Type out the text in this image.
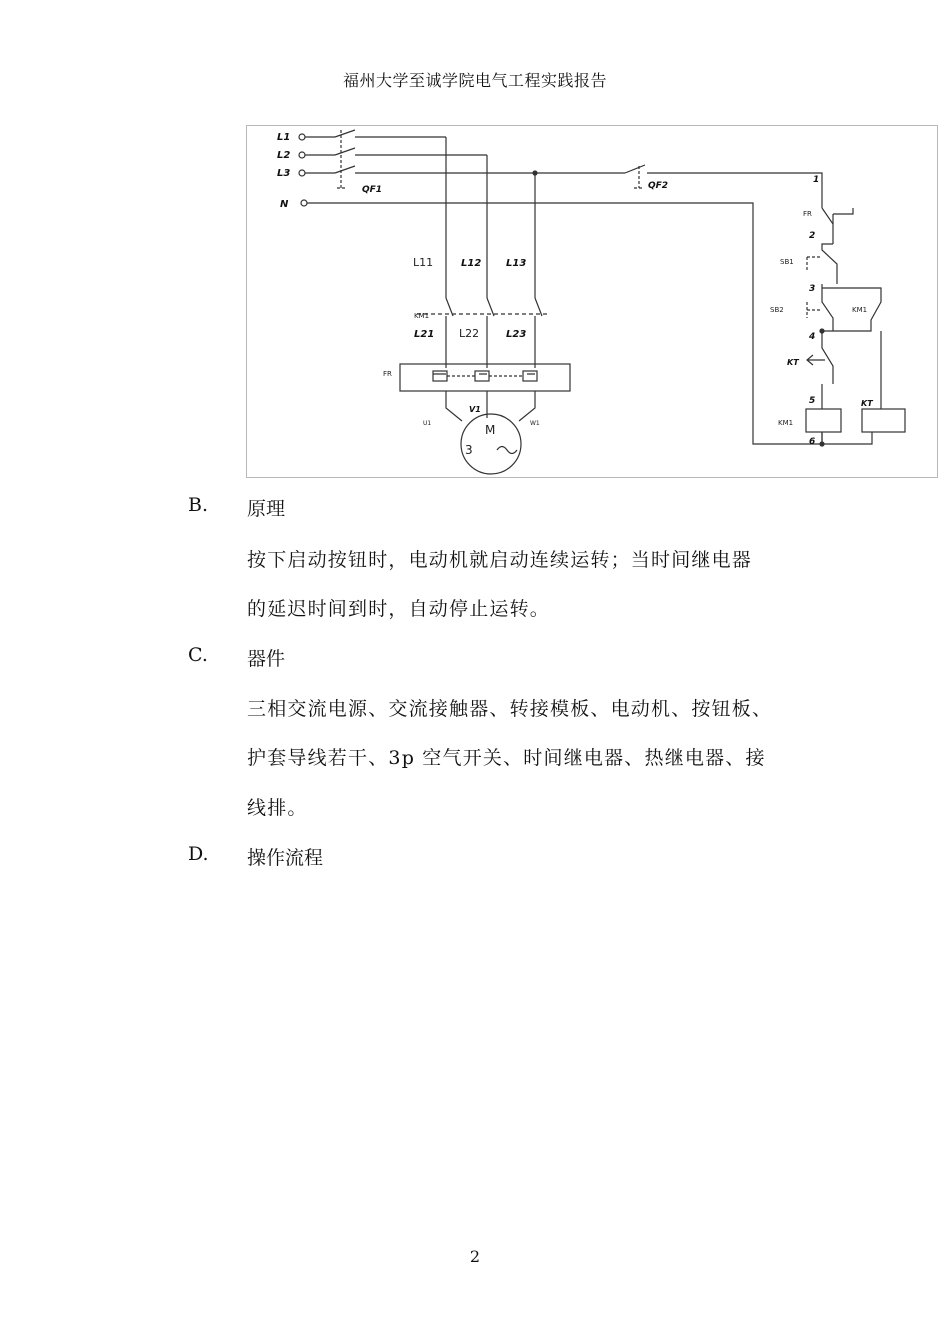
福州大学至诚学院电气工程实践报告
L1
L2
L3
N
QF1	QF2
L11	L12 L13
KM1
L21 L22	L23
FR
U1
V1
W1
M
3
1
FR
2
SB1
3
SB2	KM1
4
KT
5
KM1
KT
6
B. 原理
按下启动按钮时，电动机就启动连续运转；当时间继电器
的延迟时间到时，自动停止运转。
C. 器件
三相交流电源、交流接触器、转接模板、电动机、按钮板、
护套导线若干、3p 空气开关、时间继电器、热继电器、接
线排。
D. 操作流程
2
